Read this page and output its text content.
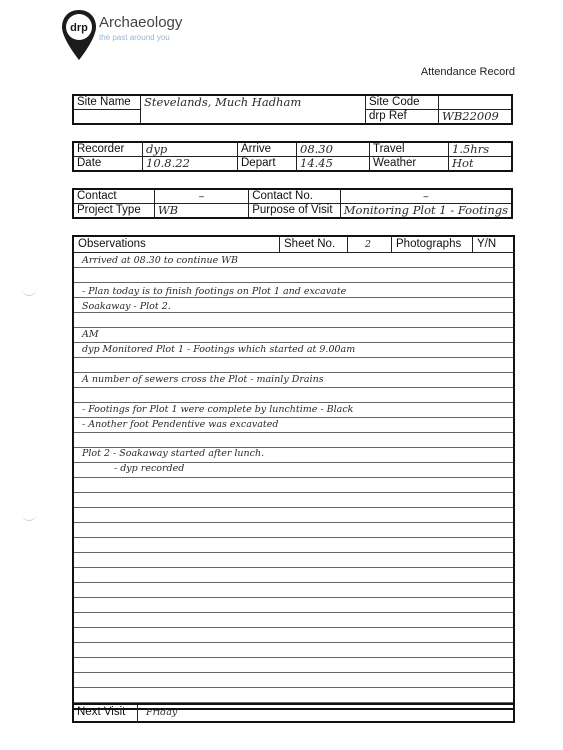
drp Archaeology
the past around you
Attendance Record
Site Name	Stevelands, Much Hadham	Site Code	
		drp Ref	WB22009
Recorder	dyp	Arrive	08.30	Travel	1.5hrs
Date	10.8.22	Depart	14.45	Weather	Hot
Contact	–	Contact No.	–
Project Type	WB	Purpose of Visit	Monitoring Plot 1 - Footings
Observations	Sheet No.	2	Photographs	Y/N
Arrived at 08.30 to continue WB
- Plan today is to finish footings on Plot 1 and excavate
Soakaway - Plot 2.
AM
dyp Monitored Plot 1 - Footings which started at 9.00am
A number of sewers cross the Plot - mainly Drains
- Footings for Plot 1 were complete by lunchtime - Black
- Another foot Pendentive was excavated
Plot 2 - Soakaway started after lunch.
- dyp recorded
Next Visit Friday
